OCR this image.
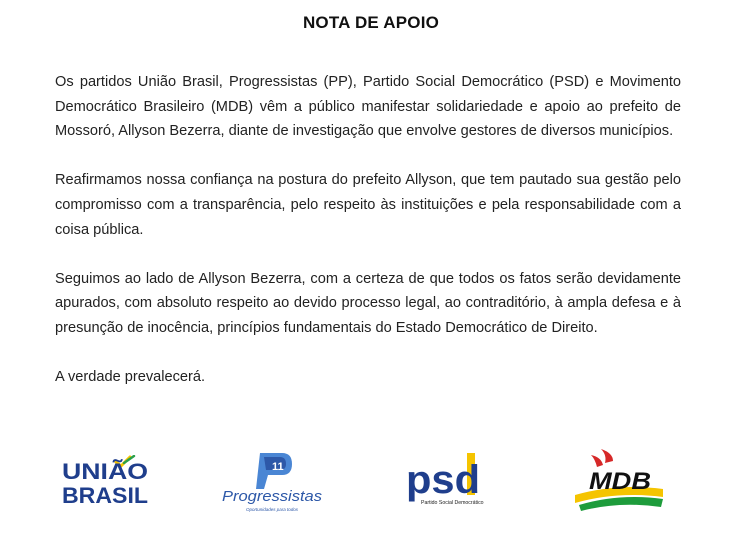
NOTA DE APOIO

Os partidos União Brasil, Progressistas (PP), Partido Social Democrático (PSD) e Movimento Democrático Brasileiro (MDB) vêm a público manifestar solidariedade e apoio ao prefeito de Mossoró, Allyson Bezerra, diante de investigação que envolve gestores de diversos municípios.

Reafirmamos nossa confiança na postura do prefeito Allyson, que tem pautado sua gestão pelo compromisso com a transparência, pelo respeito às instituições e pela responsabilidade com a coisa pública.

Seguimos ao lado de Allyson Bezerra, com a certeza de que todos os fatos serão devidamente apurados, com absoluto respeito ao devido processo legal, ao contraditório, à ampla defesa e à presunção de inocência, princípios fundamentais do Estado Democrático de Direito.

A verdade prevalecerá.

UNIÃO
BRASIL
11
Progressistas
Oportunidades para todos
psd
Partido Social Democrático
MDB
